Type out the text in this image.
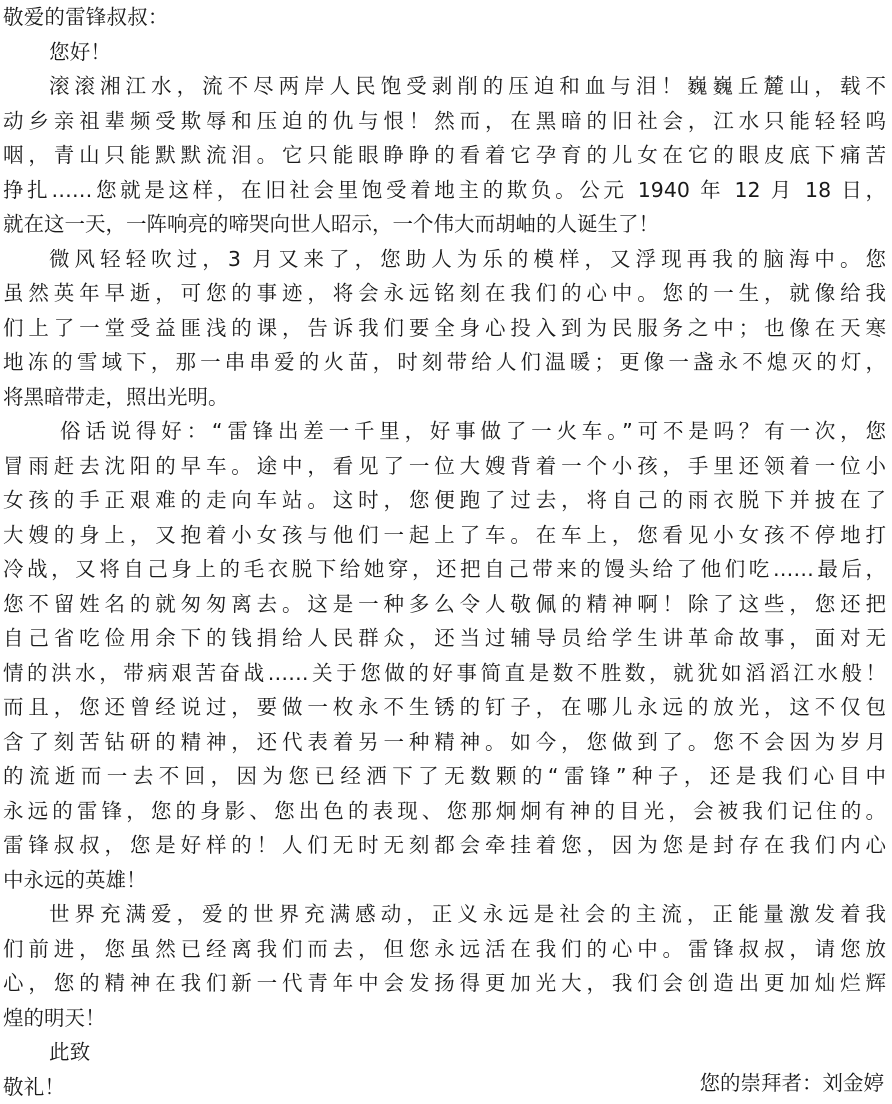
敬爱的雷锋叔叔：

您好！

滚滚湘江水，流不尽两岸人民饱受剥削的压迫和血与泪！巍巍丘麓山，载不

动乡亲祖辈频受欺辱和压迫的仇与恨！然而，在黑暗的旧社会，江水只能轻轻呜

咽，青山只能默默流泪。它只能眼睁睁的看着它孕育的儿女在它的眼皮底下痛苦

挣扎……您就是这样，在旧社会里饱受着地主的欺负。公元 1940 年 12 月 18 日，

就在这一天，一阵响亮的啼哭向世人昭示，一个伟大而胡岫的人诞生了！

微风轻轻吹过，3 月又来了，您助人为乐的模样，又浮现再我的脑海中。您

虽然英年早逝，可您的事迹，将会永远铭刻在我们的心中。您的一生，就像给我

们上了一堂受益匪浅的课，告诉我们要全身心投入到为民服务之中；也像在天寒

地冻的雪域下，那一串串爱的火苗，时刻带给人们温暖；更像一盏永不熄灭的灯，

将黑暗带走，照出光明。

俗话说得好：“雷锋出差一千里，好事做了一火车。”可不是吗？有一次，您

冒雨赶去沈阳的早车。途中，看见了一位大嫂背着一个小孩，手里还领着一位小

女孩的手正艰难的走向车站。这时，您便跑了过去，将自己的雨衣脱下并披在了

大嫂的身上，又抱着小女孩与他们一起上了车。在车上，您看见小女孩不停地打

冷战，又将自己身上的毛衣脱下给她穿，还把自己带来的馒头给了他们吃……最后，

您不留姓名的就匆匆离去。这是一种多么令人敬佩的精神啊！除了这些，您还把

自己省吃俭用余下的钱捐给人民群众，还当过辅导员给学生讲革命故事，面对无

情的洪水，带病艰苦奋战……关于您做的好事简直是数不胜数，就犹如滔滔江水般！

而且，您还曾经说过，要做一枚永不生锈的钉子，在哪儿永远的放光，这不仅包

含了刻苦钻研的精神，还代表着另一种精神。如今，您做到了。您不会因为岁月

的流逝而一去不回，因为您已经洒下了无数颗的“雷锋”种子，还是我们心目中

永远的雷锋，您的身影、您出色的表现、您那炯炯有神的目光，会被我们记住的。

雷锋叔叔，您是好样的！人们无时无刻都会牵挂着您，因为您是封存在我们内心

中永远的英雄！

世界充满爱，爱的世界充满感动，正义永远是社会的主流，正能量激发着我

们前进，您虽然已经离我们而去，但您永远活在我们的心中。雷锋叔叔，请您放

心，您的精神在我们新一代青年中会发扬得更加光大，我们会创造出更加灿烂辉

煌的明天！

此致

敬礼！	您的崇拜者：刘金婷
